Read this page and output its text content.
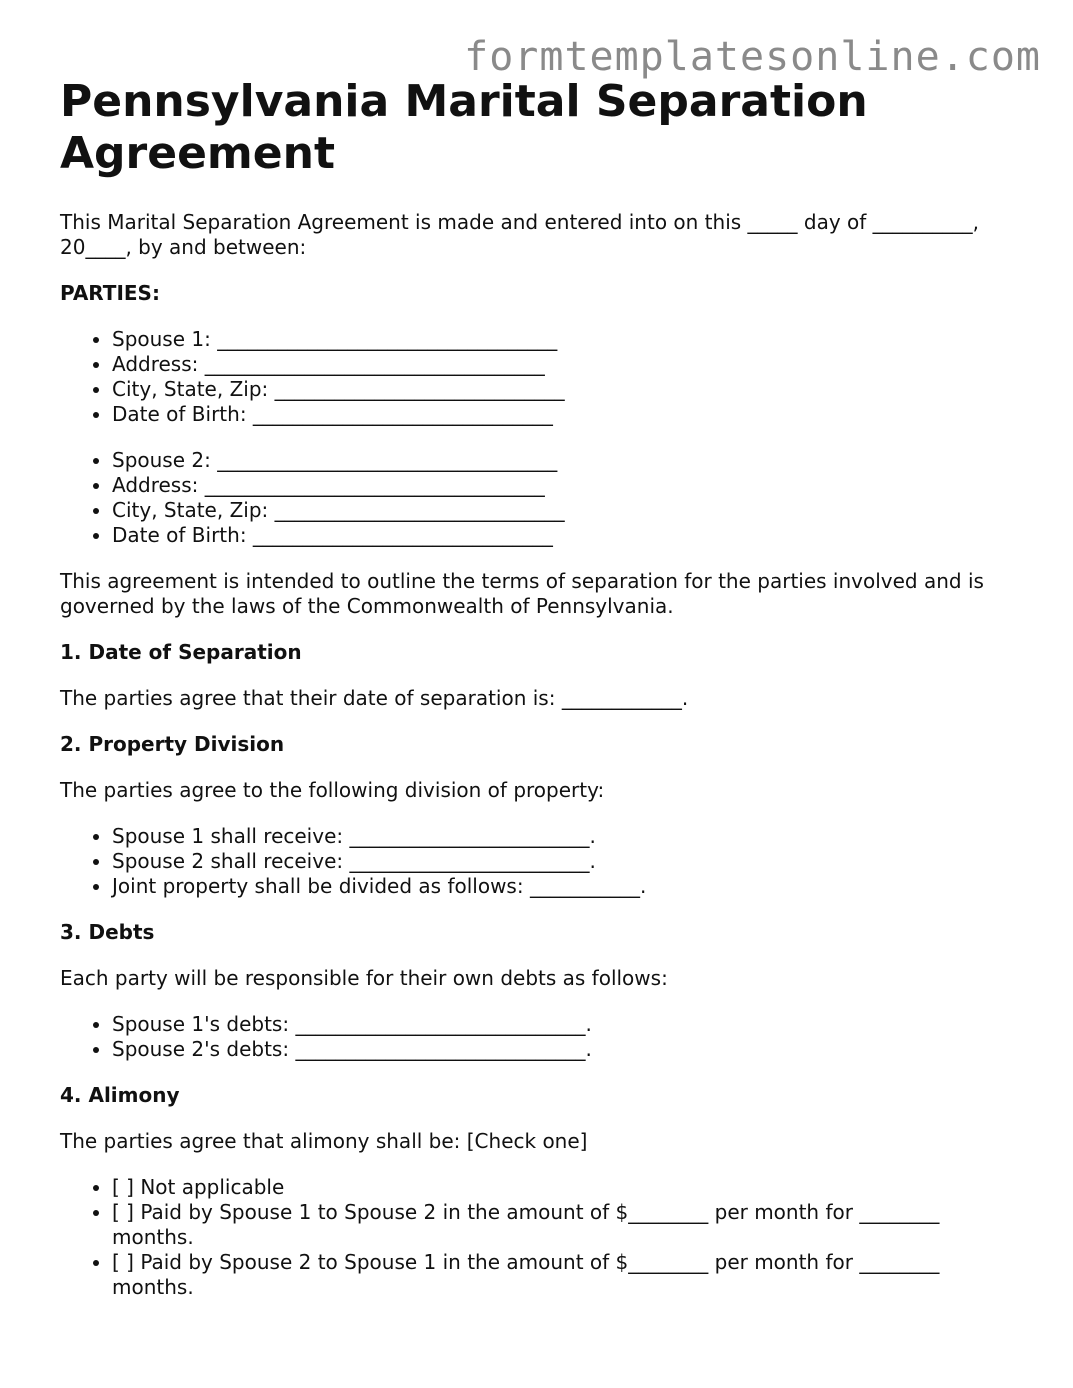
formtemplatesonline.com
Pennsylvania Marital Separation Agreement

This Marital Separation Agreement is made and entered into on this _____ day of __________, 20____, by and between:

PARTIES:

• Spouse 1: __________________________________
• Address: __________________________________
• City, State, Zip: _____________________________
• Date of Birth: ______________________________
• Spouse 2: __________________________________
• Address: __________________________________
• City, State, Zip: _____________________________
• Date of Birth: ______________________________

This agreement is intended to outline the terms of separation for the parties involved and is governed by the laws of the Commonwealth of Pennsylvania.

1. Date of Separation

The parties agree that their date of separation is: ____________.

2. Property Division

The parties agree to the following division of property:

• Spouse 1 shall receive: ________________________.
• Spouse 2 shall receive: ________________________.
• Joint property shall be divided as follows: ___________.
3. Debts

Each party will be responsible for their own debts as follows:

• Spouse 1's debts: _____________________________.
• Spouse 2's debts: _____________________________.
4. Alimony

The parties agree that alimony shall be: [Check one]

• [ ] Not applicable
• [ ] Paid by Spouse 1 to Spouse 2 in the amount of $________ per month for ________ months.
• [ ] Paid by Spouse 2 to Spouse 1 in the amount of $________ per month for ________ months.
